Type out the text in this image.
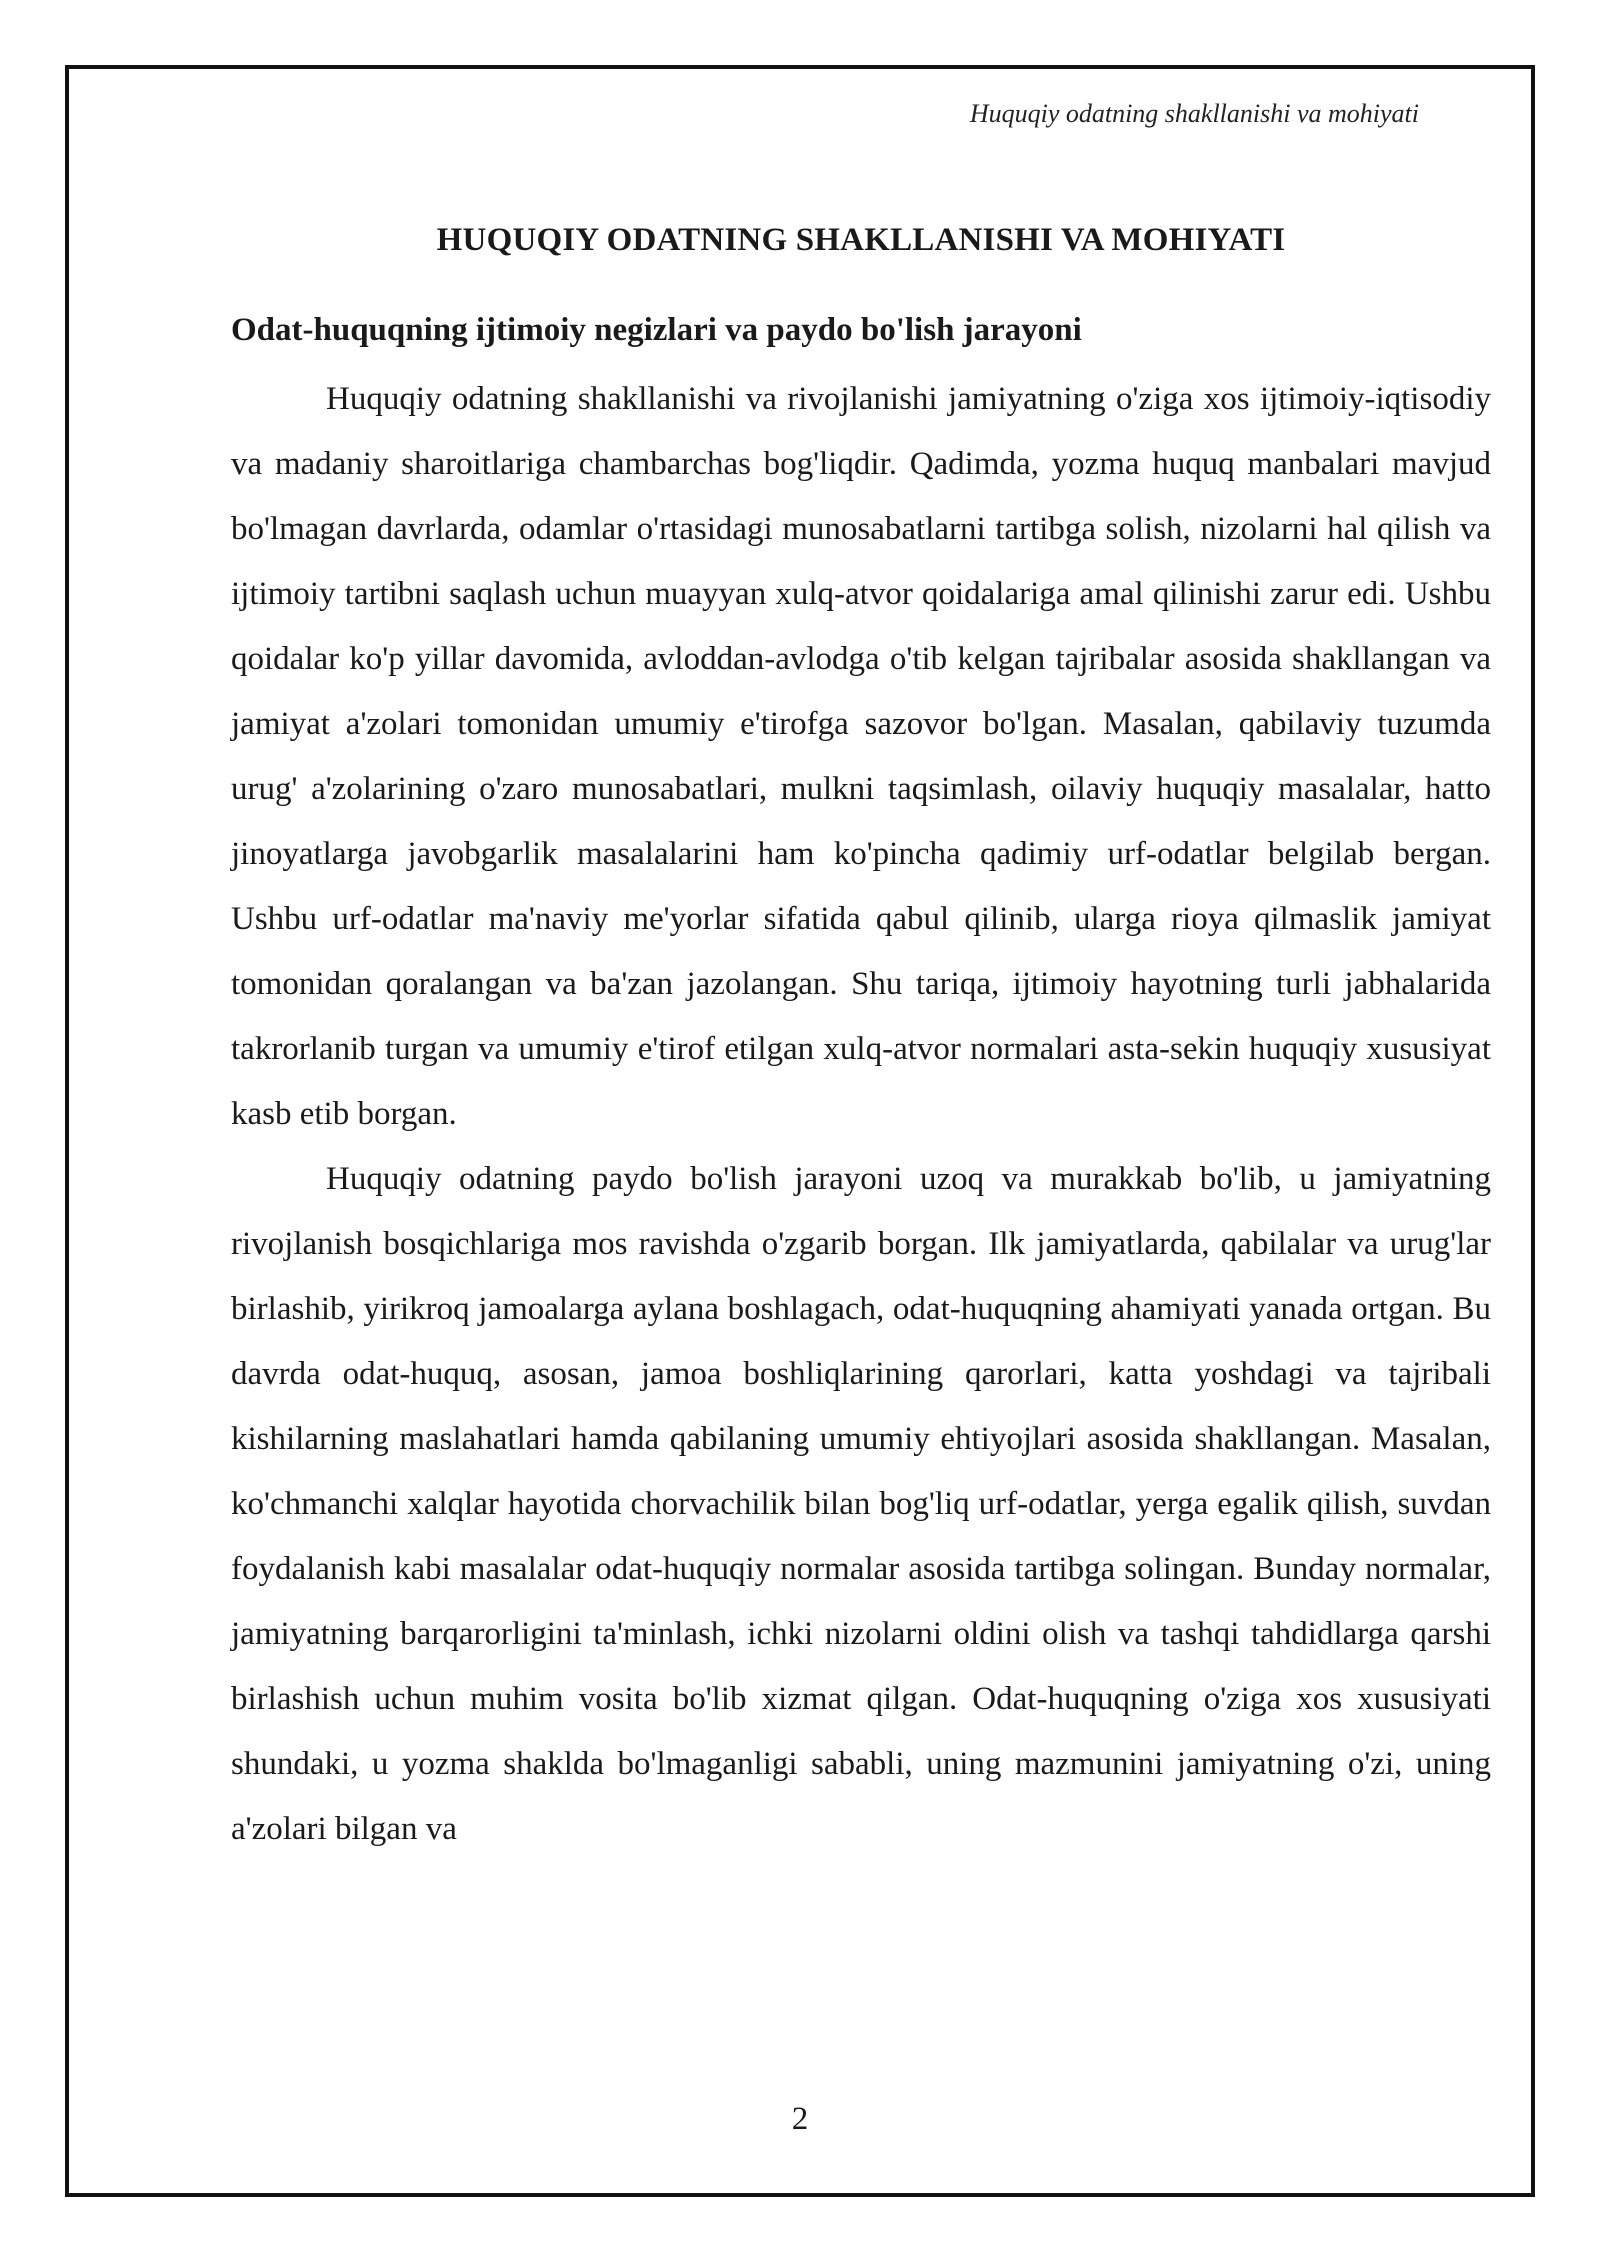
Huquqiy odatning shakllanishi va mohiyati
HUQUQIY ODATNING SHAKLLANISHI VA MOHIYATI
Odat-huquqning ijtimoiy negizlari va paydo bo'lish jarayoni

Huquqiy odatning shakllanishi va rivojlanishi jamiyatning o'ziga xos ijtimoiy-iqtisodiy va madaniy sharoitlariga chambarchas bog'liqdir. Qadimda, yozma huquq manbalari mavjud bo'lmagan davrlarda, odamlar o'rtasidagi munosabatlarni tartibga solish, nizolarni hal qilish va ijtimoiy tartibni saqlash uchun muayyan xulq-atvor qoidalariga amal qilinishi zarur edi. Ushbu qoidalar ko'p yillar davomida, avloddan-avlodga o'tib kelgan tajribalar asosida shakllangan va jamiyat a'zolari tomonidan umumiy e'tirofga sazovor bo'lgan. Masalan, qabilaviy tuzumda urug' a'zolarining o'zaro munosabatlari, mulkni taqsimlash, oilaviy huquqiy masalalar, hatto jinoyatlarga javobgarlik masalalarini ham ko'pincha qadimiy urf-odatlar belgilab bergan. Ushbu urf-odatlar ma'naviy me'yorlar sifatida qabul qilinib, ularga rioya qilmaslik jamiyat tomonidan qoralangan va ba'zan jazolangan. Shu tariqa, ijtimoiy hayotning turli jabhalarida takrorlanib turgan va umumiy e'tirof etilgan xulq-atvor normalari asta-sekin huquqiy xususiyat kasb etib borgan.

Huquqiy odatning paydo bo'lish jarayoni uzoq va murakkab bo'lib, u jamiyatning rivojlanish bosqichlariga mos ravishda o'zgarib borgan. Ilk jamiyatlarda, qabilalar va urug'lar birlashib, yirikroq jamoalarga aylana boshlagach, odat-huquqning ahamiyati yanada ortgan. Bu davrda odat-huquq, asosan, jamoa boshliqlarining qarorlari, katta yoshdagi va tajribali kishilarning maslahatlari hamda qabilaning umumiy ehtiyojlari asosida shakllangan. Masalan, ko'chmanchi xalqlar hayotida chorvachilik bilan bog'liq urf-odatlar, yerga egalik qilish, suvdan foydalanish kabi masalalar odat-huquqiy normalar asosida tartibga solingan. Bunday normalar, jamiyatning barqarorligini ta'minlash, ichki nizolarni oldini olish va tashqi tahdidlarga qarshi birlashish uchun muhim vosita bo'lib xizmat qilgan. Odat-huquqning o'ziga xos xususiyati shundaki, u yozma shaklda bo'lmaganligi sababli, uning mazmunini jamiyatning o'zi, uning a'zolari bilgan va

2
